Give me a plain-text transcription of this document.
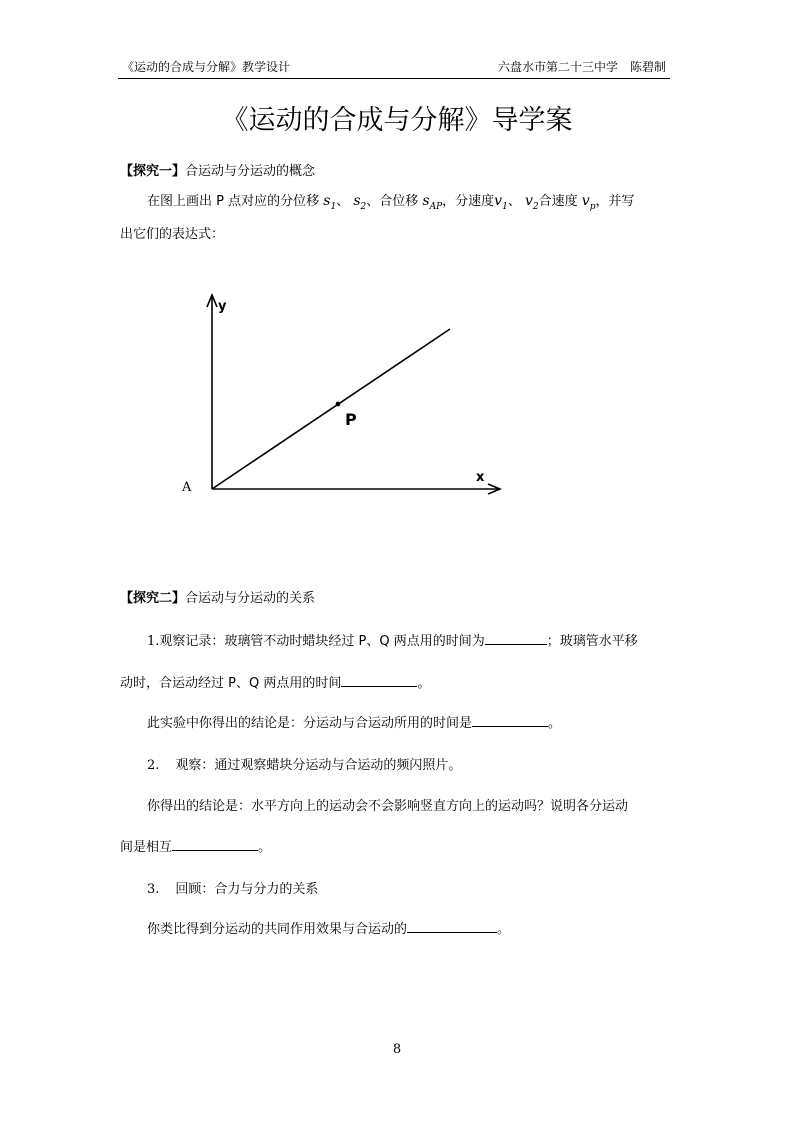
《运动的合成与分解》教学设计	六盘水市第二十三中学　陈碧制
《运动的合成与分解》导学案
【探究一】合运动与分运动的概念
在图上画出 P 点对应的分位移 $s_1$、 $s_2$、合位移 $s_{AP}$，分速度$v_1$、 $v_2$合速度 $v_p$，并写
出它们的表达式：
y
x
A
P
【探究二】合运动与分运动的关系
1.观察记录：玻璃管不动时蜡块经过 P、Q 两点用的时间为	；玻璃管水平移
动时，合运动经过 P、Q 两点用的时间	。
此实验中你得出的结论是：分运动与合运动所用的时间是	。
2. 观察：通过观察蜡块分运动与合运动的频闪照片。
你得出的结论是：水平方向上的运动会不会影响竖直方向上的运动吗？说明各分运动
间是相互	。
3. 回顾：合力与分力的关系
你类比得到分运动的共同作用效果与合运动的	。
8
